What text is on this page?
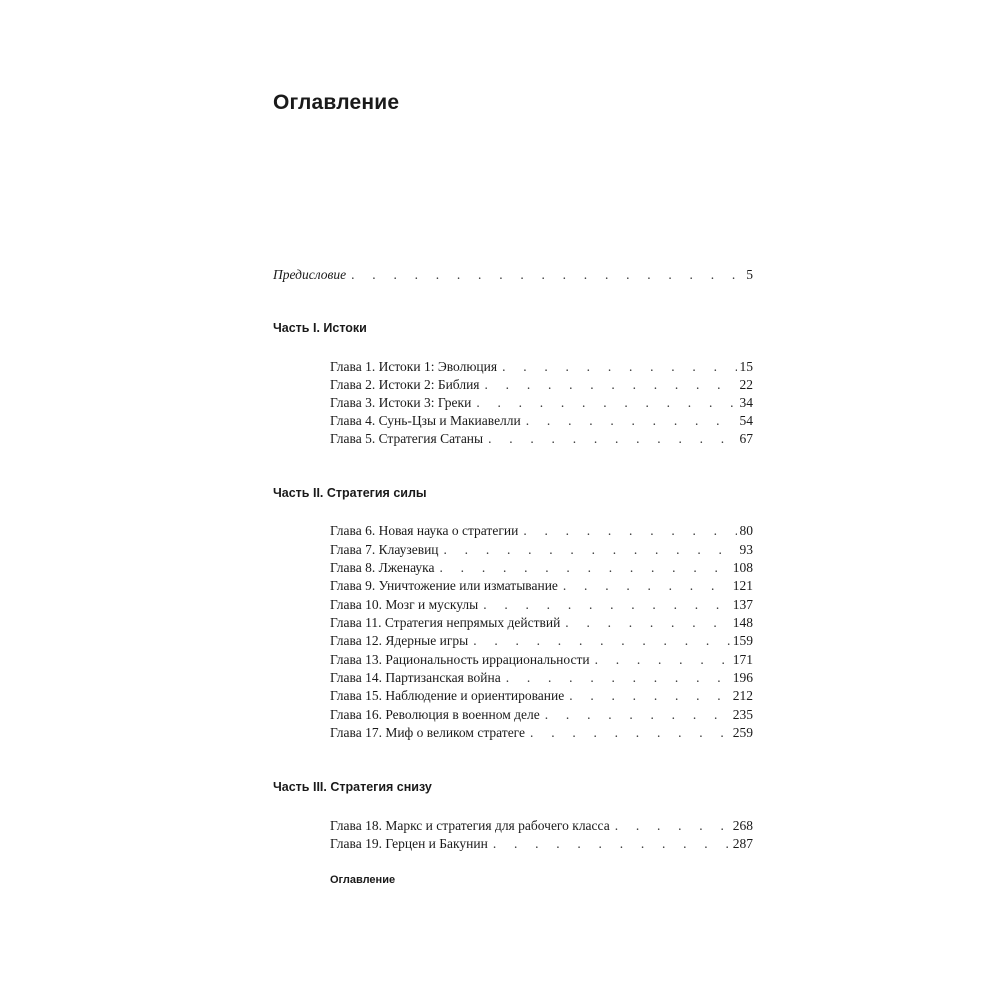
Оглавление
Предисловие . . .	5
Часть I. Истоки
Глава 1. Истоки 1: Эволюция . . .	15
Глава 2. Истоки 2: Библия . . .	22
Глава 3. Истоки 3: Греки . . .	34
Глава 4. Сунь-Цзы и Макиавелли . . .	54
Глава 5. Стратегия Сатаны . . .	67
Часть II. Стратегия силы
Глава 6. Новая наука о стратегии . . .	80
Глава 7. Клаузевиц . . .	93
Глава 8. Лженаука . . .	108
Глава 9. Уничтожение или изматывание . . .	121
Глава 10. Мозг и мускулы . . .	137
Глава 11. Стратегия непрямых действий . . .	148
Глава 12. Ядерные игры . . .	159
Глава 13. Рациональность иррациональности . . .	171
Глава 14. Партизанская война . . .	196
Глава 15. Наблюдение и ориентирование . . .	212
Глава 16. Революция в военном деле . . .	235
Глава 17. Миф о великом стратеге . . .	259
Часть III. Стратегия снизу
Глава 18. Маркс и стратегия для рабочего класса . . .	268
Глава 19. Герцен и Бакунин . . .	287
Оглавление
